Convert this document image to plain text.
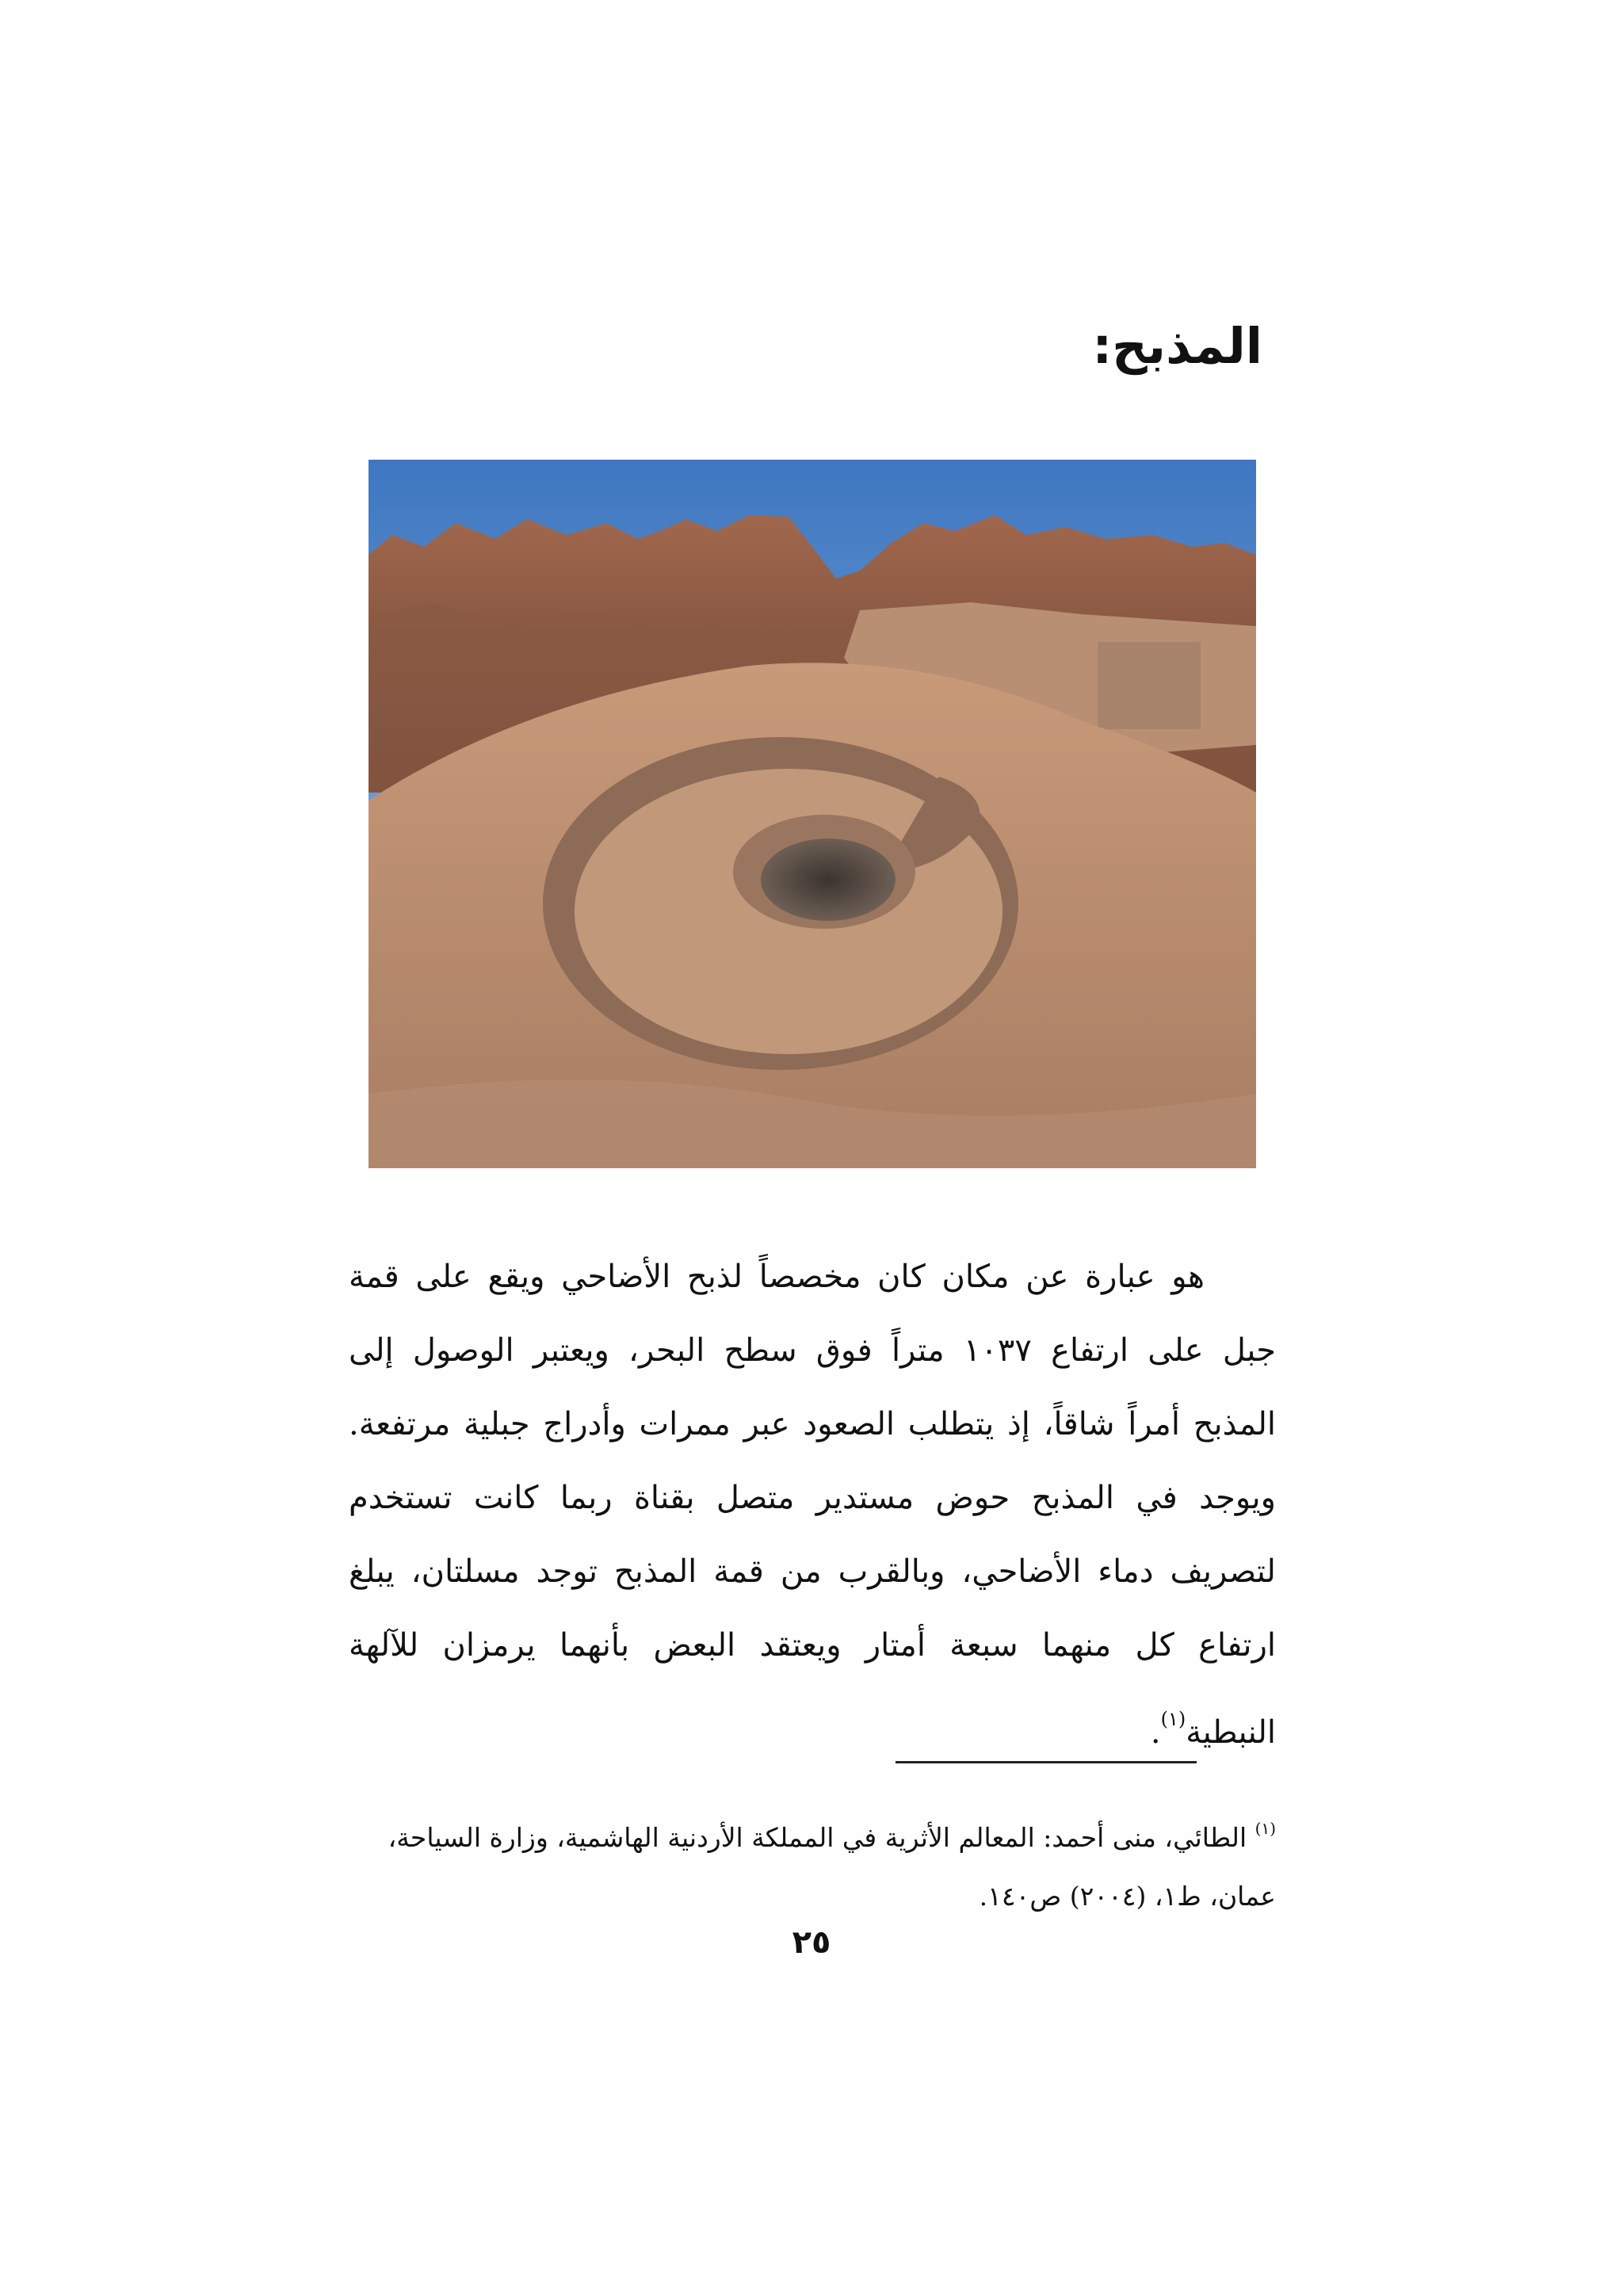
المذبح:

هو عبارة عن مكان كان مخصصاً لذبح الأضاحي ويقع على قمة جبل على ارتفاع ١٠٣٧ متراً فوق سطح البحر، ويعتبر الوصول إلى المذبح أمراً شاقاً، إذ يتطلب الصعود عبر ممرات وأدراج جبلية مرتفعة. ويوجد في المذبح حوض مستدير متصل بقناة ربما كانت تستخدم لتصريف دماء الأضاحي، وبالقرب من قمة المذبح توجد مسلتان، يبلغ ارتفاع كل منهما سبعة أمتار ويعتقد البعض بأنهما يرمزان للآلهة النبطية$^{(١)}$.

$^{(١)}$ الطائي، منى أحمد: المعالم الأثرية في المملكة الأردنية الهاشمية، وزارة السياحة، عمان، ط١، (٢٠٠٤) ص١٤٠.
٢٥
